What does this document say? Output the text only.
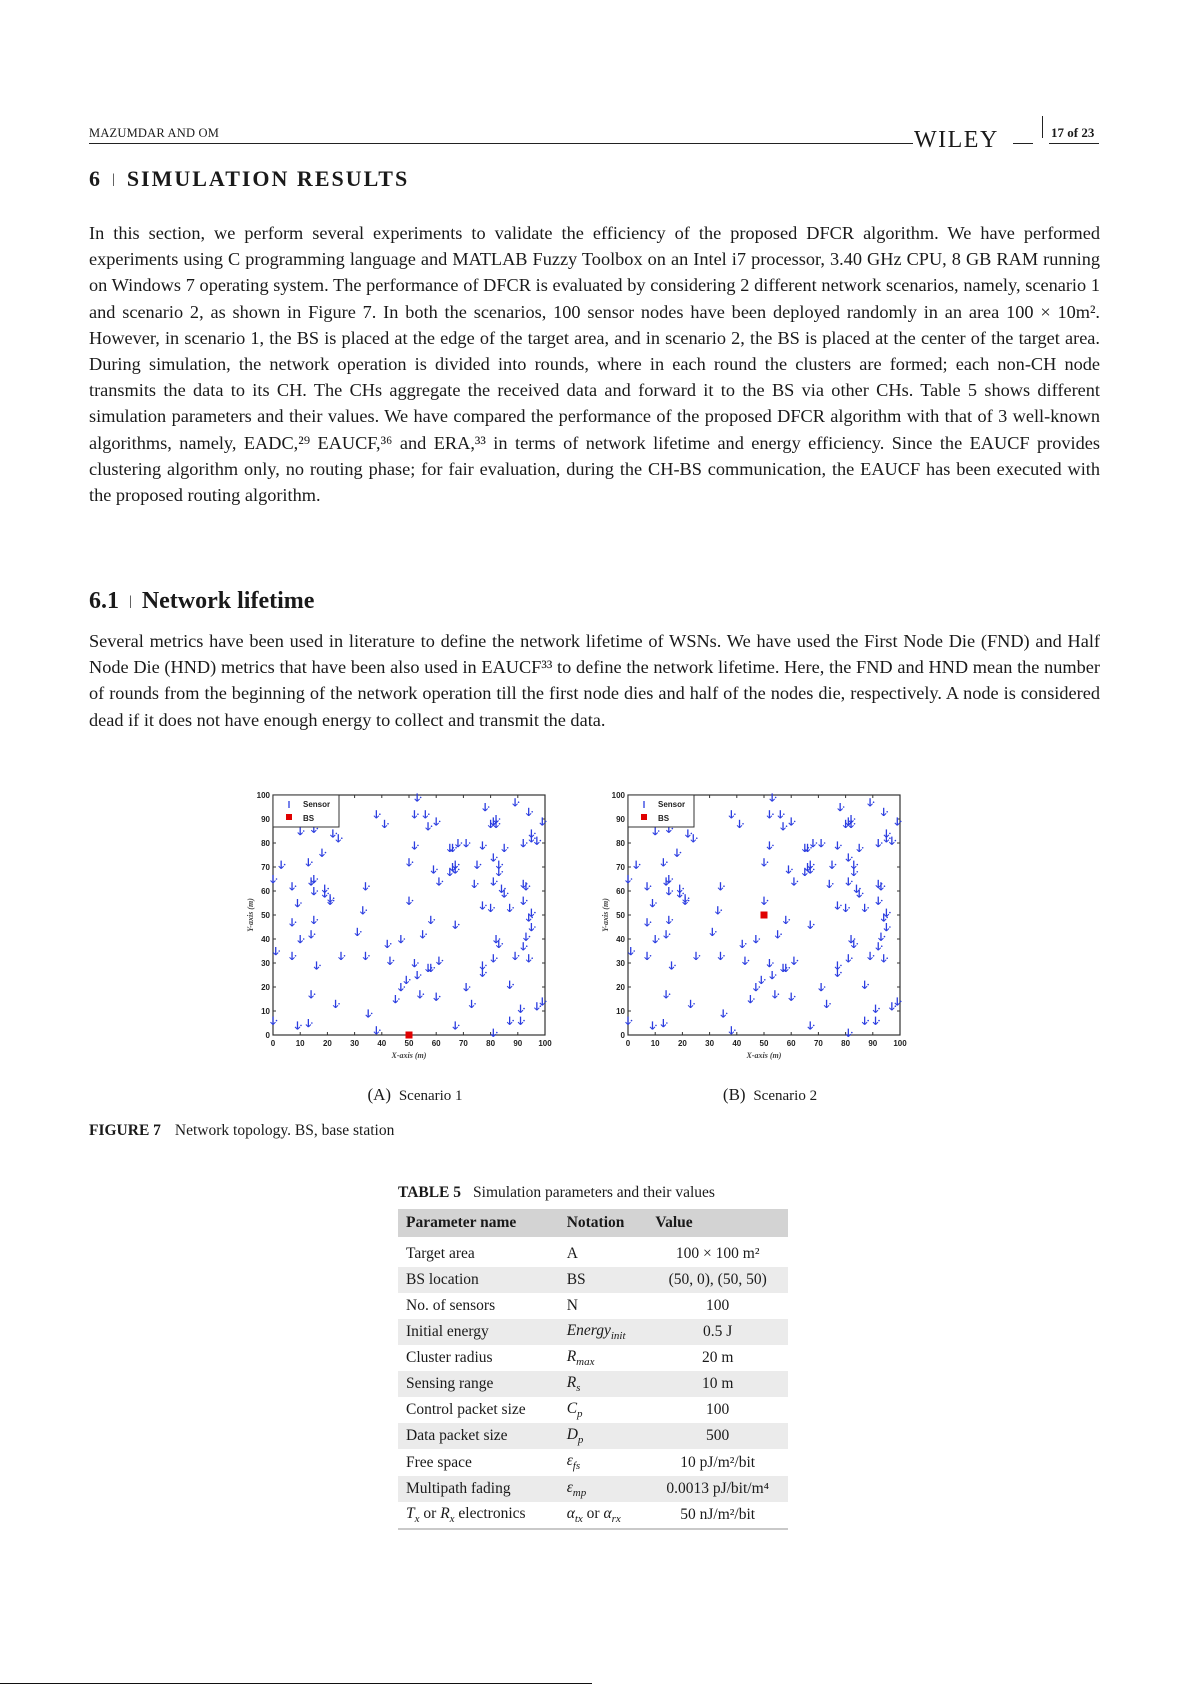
MAZUMDAR AND OM	WILEY	17 of 23
6 | SIMULATION RESULTS

In this section, we perform several experiments to validate the efficiency of the proposed DFCR algorithm. We have performed experiments using C programming language and MATLAB Fuzzy Toolbox on an Intel i7 processor, 3.40 GHz CPU, 8 GB RAM running on Windows 7 operating system. The performance of DFCR is evaluated by considering 2 different network scenarios, namely, scenario 1 and scenario 2, as shown in Figure 7. In both the scenarios, 100 sensor nodes have been deployed randomly in an area 100 × 10m². However, in scenario 1, the BS is placed at the edge of the target area, and in scenario 2, the BS is placed at the center of the target area. During simulation, the network operation is divided into rounds, where in each round the clusters are formed; each non-CH node transmits the data to its CH. The CHs aggregate the received data and forward it to the BS via other CHs. Table 5 shows different simulation parameters and their values. We have compared the performance of the proposed DFCR algorithm with that of 3 well-known algorithms, namely, EADC,²⁹ EAUCF,³⁶ and ERA,³³ in terms of network lifetime and energy efficiency. Since the EAUCF provides clustering algorithm only, no routing phase; for fair evaluation, during the CH-BS communication, the EAUCF has been executed with the proposed routing algorithm.

6.1 | Network lifetime

Several metrics have been used in literature to define the network lifetime of WSNs. We have used the First Node Die (FND) and Half Node Die (HND) metrics that have been also used in EAUCF³³ to define the network lifetime. Here, the FND and HND mean the number of rounds from the beginning of the network operation till the first node dies and half of the nodes die, respectively. A node is considered dead if it does not have enough energy to collect and transmit the data.

0	10 20 30 40 50 60 70 80 90 100
0
10
20
30
40
50
60
70
80
90
100
X-axis (m)
Y-axis (m)
Sensor
BS
(A) Scenario 1
0	10 20 30 40 50 60 70 80 90 100
0
10
20
30
40
50
60
70
80
90
100
X-axis (m)
Y-axis (m)
Sensor
BS
(B) Scenario 2
FIGURE 7 Network topology. BS, base station
TABLE 5 Simulation parameters and their values
Parameter name	Notation	Value

Target area	A	100 × 100 m²
BS location	BS	(50, 0), (50, 50)
No. of sensors	N	100
Initial energy	Energy$_{init}$	0.5 J
Cluster radius	$R_{max}$	20 m
Sensing range	$R_s$	10 m
Control packet size	$C_p$	100
Data packet size	$D_p$	500
Free space	$\varepsilon_{fs}$	10 pJ/m²/bit
Multipath fading	$\varepsilon_{mp}$	0.0013 pJ/bit/m⁴
$T_x$ or $R_x$ electronics	$\alpha_{tx}$ or $\alpha_{rx}$	50 nJ/m²/bit
